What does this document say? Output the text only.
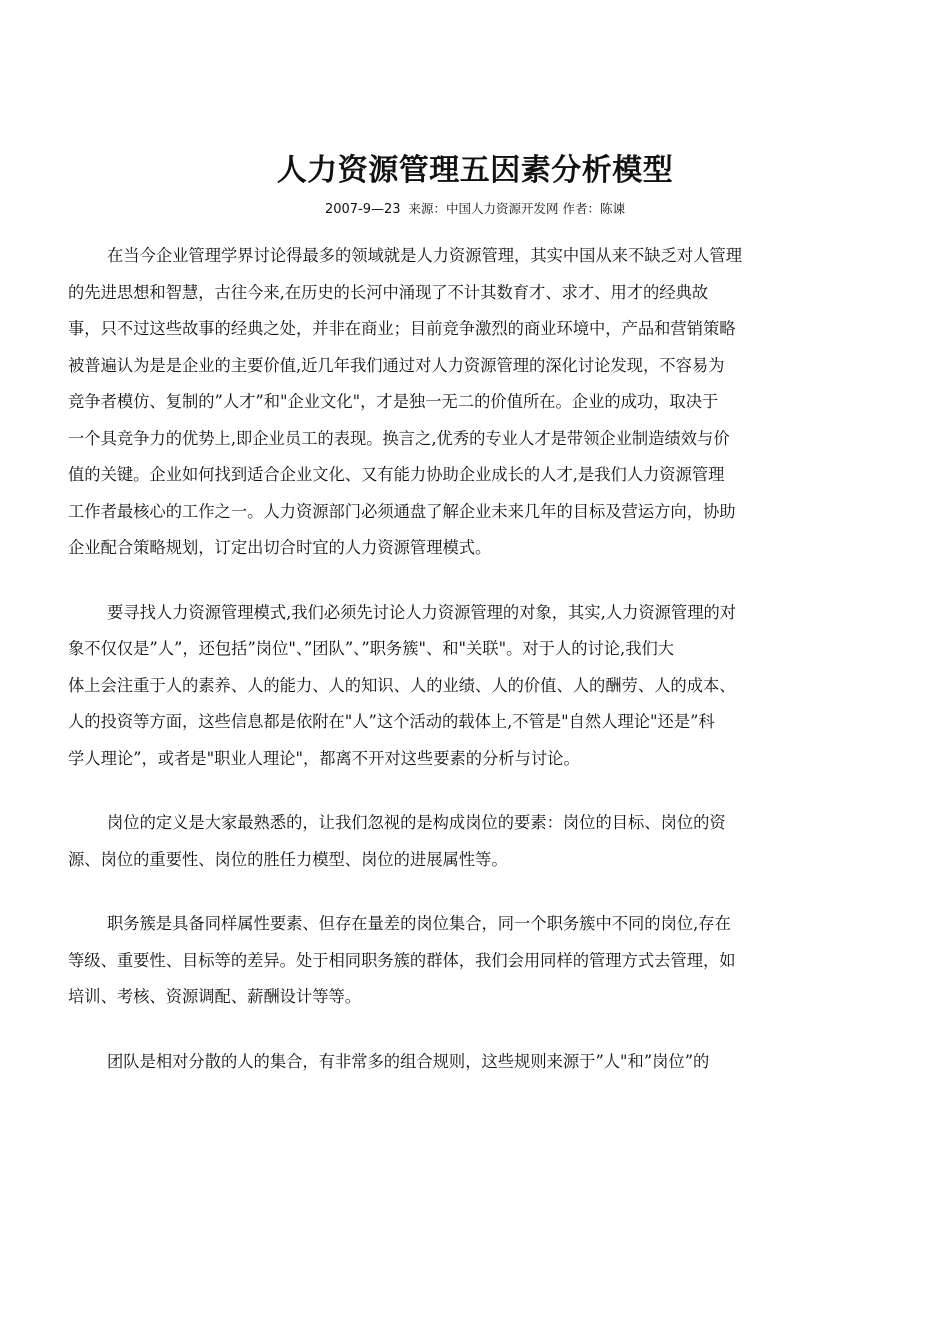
人力资源管理五因素分析模型
2007-9—23 来源：中国人力资源开发网 作者：陈谏
在当今企业管理学界讨论得最多的领域就是人力资源管理，其实中国从来不缺乏对人管理
的先进思想和智慧，古往今来,在历史的长河中涌现了不计其数育才、求才、用才的经典故
事，只不过这些故事的经典之处，并非在商业；目前竞争激烈的商业环境中，产品和营销策略
被普遍认为是是企业的主要价值,近几年我们通过对人力资源管理的深化讨论发现，不容易为
竞争者模仿、复制的”人才”和"企业文化"，才是独一无二的价值所在。企业的成功，取决于
一个具竞争力的优势上,即企业员工的表现。换言之,优秀的专业人才是带领企业制造绩效与价
值的关键。企业如何找到适合企业文化、又有能力协助企业成长的人才,是我们人力资源管理
工作者最核心的工作之一。人力资源部门必须通盘了解企业未来几年的目标及营运方向，协助
企业配合策略规划，订定出切合时宜的人力资源管理模式。
要寻找人力资源管理模式,我们必须先讨论人力资源管理的对象，其实,人力资源管理的对
象不仅仅是”人”，还包括”岗位"、”团队”、”职务簇"、和"关联"。对于人的讨论,我们大
体上会注重于人的素养、人的能力、人的知识、人的业绩、人的价值、人的酬劳、人的成本、
人的投资等方面，这些信息都是依附在"人”这个活动的载体上,不管是"自然人理论"还是”科
学人理论”，或者是"职业人理论"，都离不开对这些要素的分析与讨论。
岗位的定义是大家最熟悉的，让我们忽视的是构成岗位的要素：岗位的目标、岗位的资
源、岗位的重要性、岗位的胜任力模型、岗位的进展属性等。
职务簇是具备同样属性要素、但存在量差的岗位集合，同一个职务簇中不同的岗位,存在
等级、重要性、目标等的差异。处于相同职务簇的群体，我们会用同样的管理方式去管理，如
培训、考核、资源调配、薪酬设计等等。
团队是相对分散的人的集合，有非常多的组合规则，这些规则来源于”人"和”岗位”的
